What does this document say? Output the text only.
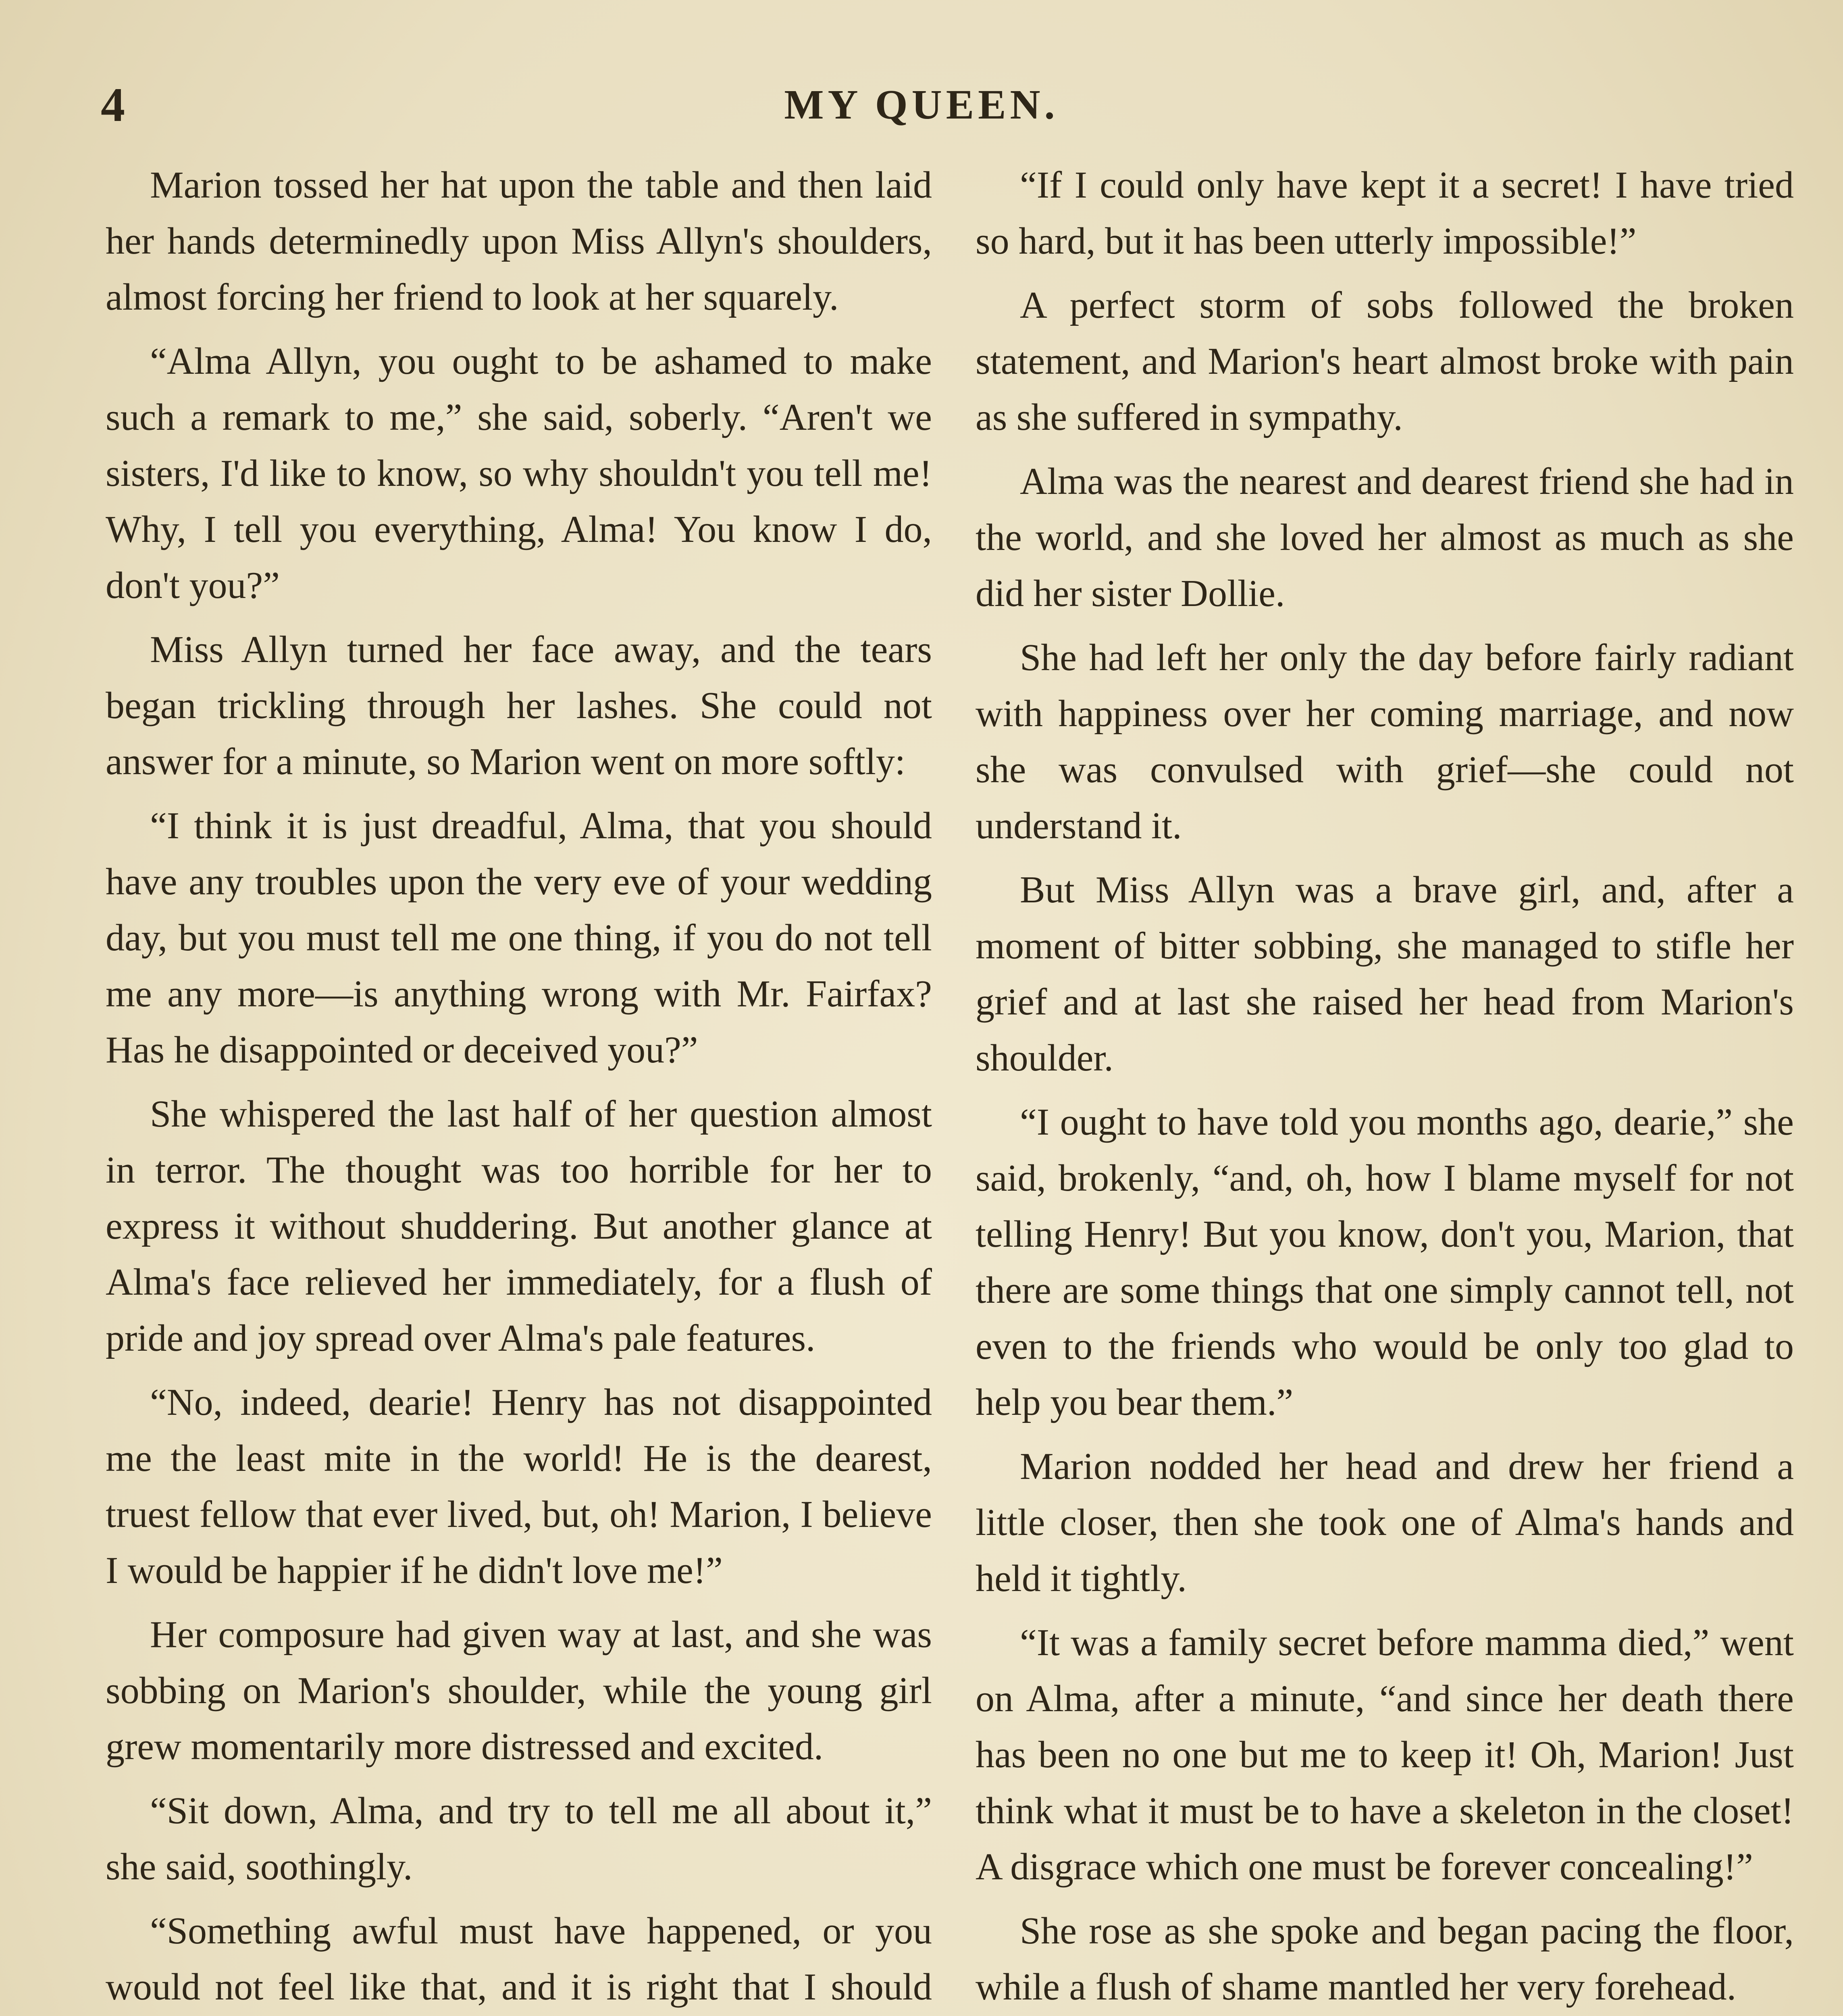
4	MY QUEEN.

Marion tossed her hat upon the table and then laid her hands determinedly upon Miss Allyn's shoulders, almost forcing her friend to look at her squarely.

“Alma Allyn, you ought to be ashamed to make such a remark to me,” she said, soberly. “Aren't we sisters, I'd like to know, so why shouldn't you tell me! Why, I tell you everything, Alma! You know I do, don't you?”

Miss Allyn turned her face away, and the tears began trickling through her lashes. She could not answer for a minute, so Marion went on more softly:

“I think it is just dreadful, Alma, that you should have any troubles upon the very eve of your wedding day, but you must tell me one thing, if you do not tell me any more—is anything wrong with Mr. Fairfax? Has he disappointed or deceived you?”

She whispered the last half of her question almost in terror. The thought was too horrible for her to express it without shuddering. But another glance at Alma's face relieved her immediately, for a flush of pride and joy spread over Alma's pale features.

“No, indeed, dearie! Henry has not disappointed me the least mite in the world! He is the dearest, truest fellow that ever lived, but, oh! Marion, I believe I would be happier if he didn't love me!”

Her composure had given way at last, and she was sobbing on Marion's shoulder, while the young girl grew momentarily more distressed and excited.

“Sit down, Alma, and try to tell me all about it,” she said, soothingly.

“Something awful must have happened, or you would not feel like that, and it is right that I should

“If I could only have kept it a secret! I have tried so hard, but it has been utterly impossible!”

A perfect storm of sobs followed the broken statement, and Marion's heart almost broke with pain as she suffered in sympathy.

Alma was the nearest and dearest friend she had in the world, and she loved her almost as much as she did her sister Dollie.

She had left her only the day before fairly radiant with happiness over her coming marriage, and now she was convulsed with grief—she could not understand it.

But Miss Allyn was a brave girl, and, after a moment of bitter sobbing, she managed to stifle her grief and at last she raised her head from Marion's shoulder.

“I ought to have told you months ago, dearie,” she said, brokenly, “and, oh, how I blame myself for not telling Henry! But you know, don't you, Marion, that there are some things that one simply cannot tell, not even to the friends who would be only too glad to help you bear them.”

Marion nodded her head and drew her friend a little closer, then she took one of Alma's hands and held it tightly.

“It was a family secret before mamma died,” went on Alma, after a minute, “and since her death there has been no one but me to keep it! Oh, Marion! Just think what it must be to have a skeleton in the closet! A disgrace which one must be forever concealing!”

She rose as she spoke and began pacing the floor, while a flush of shame mantled her very forehead.
